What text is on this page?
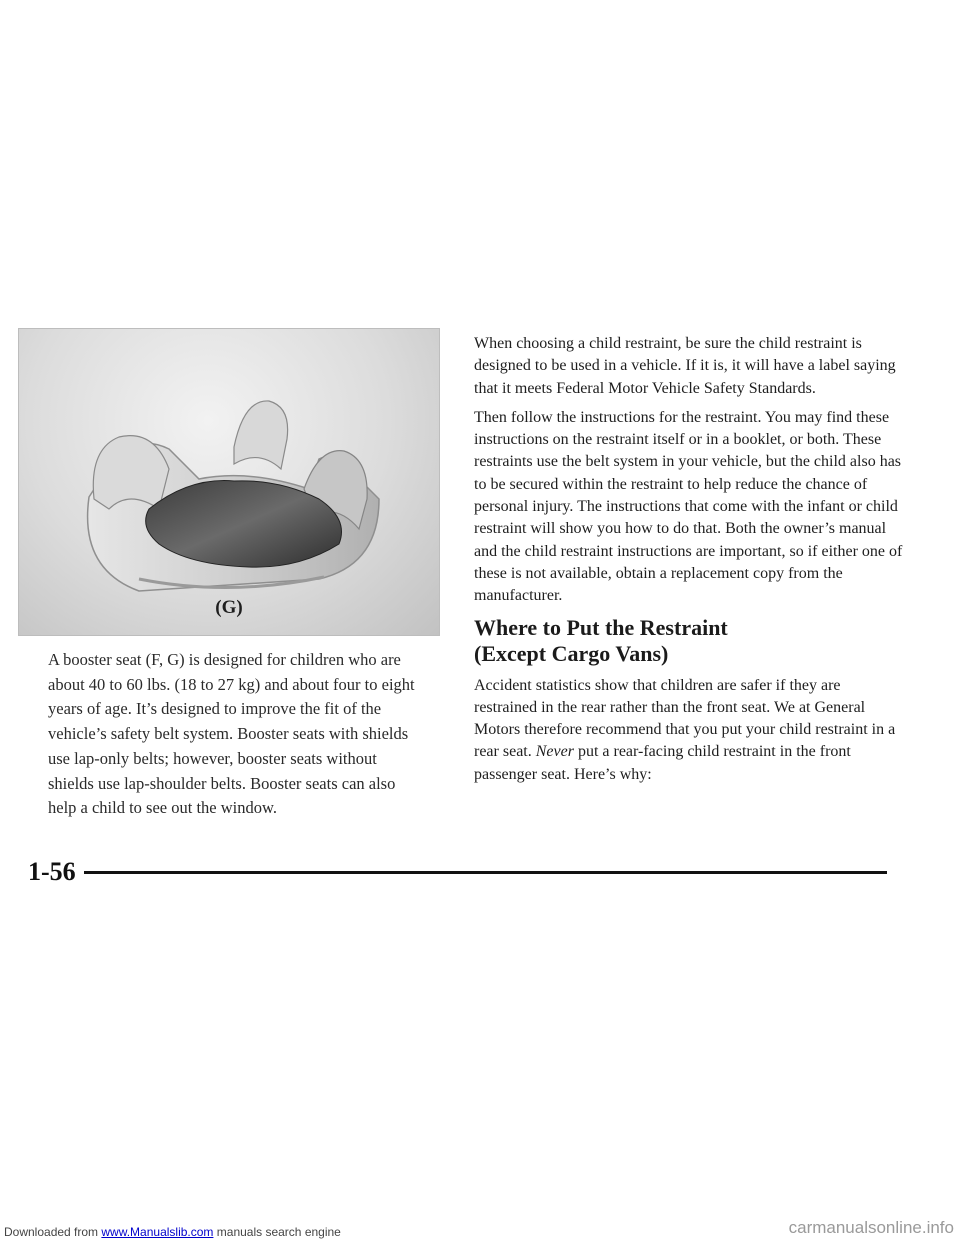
(G)
A booster seat (F, G) is designed for children who are about 40 to 60 lbs. (18 to 27 kg) and about four to eight years of age. It’s designed to improve the fit of the vehicle’s safety belt system. Booster seats with shields use lap-only belts; however, booster seats without shields use lap-shoulder belts. Booster seats can also help a child to see out the window.

When choosing a child restraint, be sure the child restraint is designed to be used in a vehicle. If it is, it will have a label saying that it meets Federal Motor Vehicle Safety Standards.

Then follow the instructions for the restraint. You may find these instructions on the restraint itself or in a booklet, or both. These restraints use the belt system in your vehicle, but the child also has to be secured within the restraint to help reduce the chance of personal injury. The instructions that come with the infant or child restraint will show you how to do that. Both the owner’s manual and the child restraint instructions are important, so if either one of these is not available, obtain a replacement copy from the manufacturer.

Where to Put the Restraint
(Except Cargo Vans)

Accident statistics show that children are safer if they are restrained in the rear rather than the front seat. We at General Motors therefore recommend that you put your child restraint in a rear seat. Never put a rear-facing child restraint in the front passenger seat. Here’s why:

1-56
Downloaded from www.Manualslib.com manuals search engine	carmanualsonline.info
